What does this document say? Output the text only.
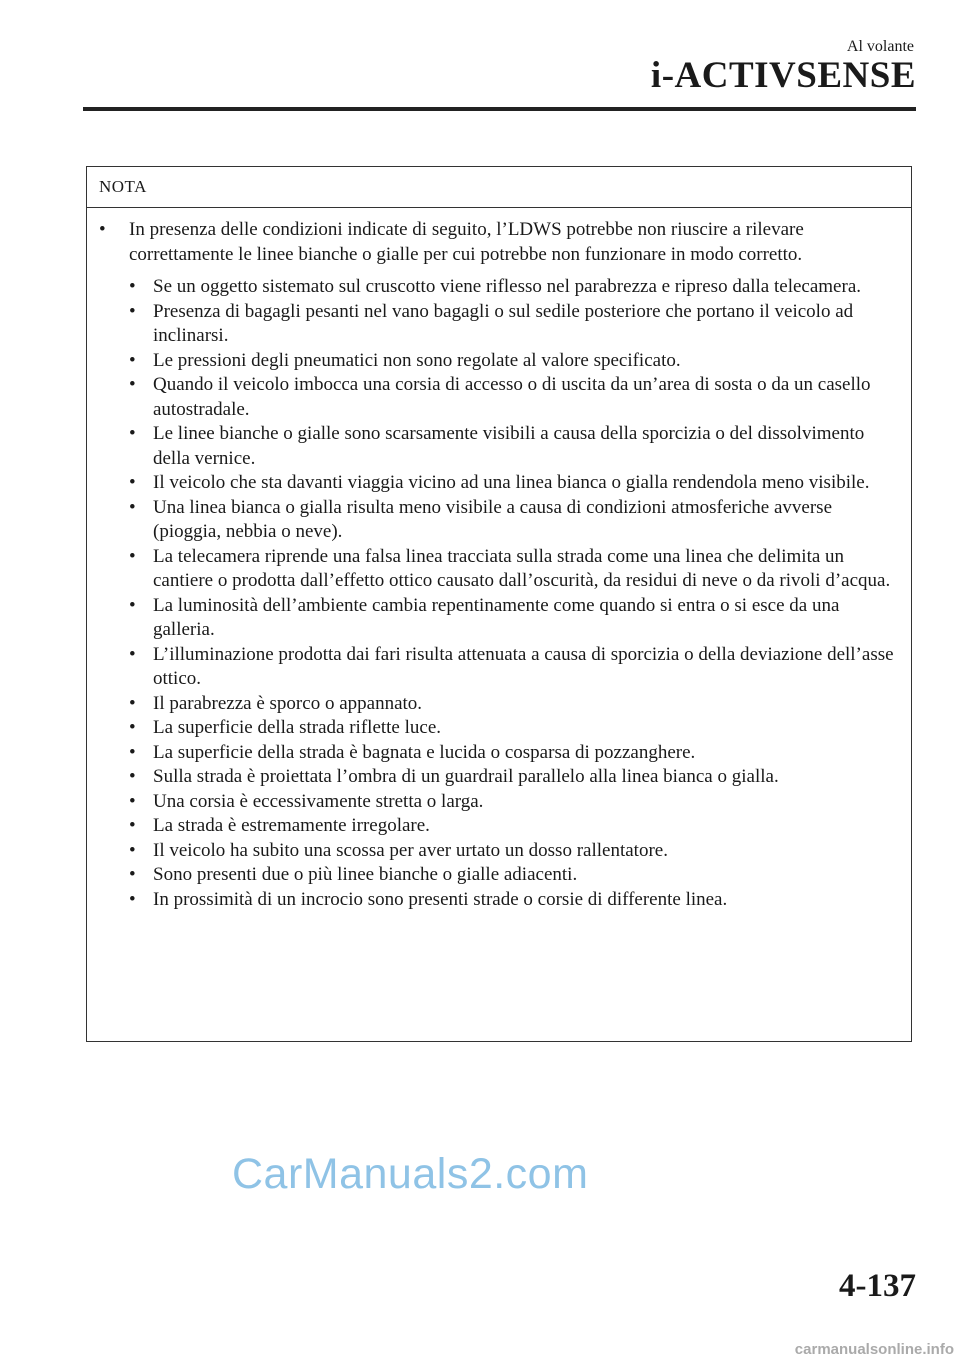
Al volante
i-ACTIVSENSE
NOTA
• In presenza delle condizioni indicate di seguito, l’LDWS potrebbe non riuscire a rilevare correttamente le linee bianche o gialle per cui potrebbe non funzionare in modo corretto.
• Se un oggetto sistemato sul cruscotto viene riflesso nel parabrezza e ripreso dalla telecamera.
• Presenza di bagagli pesanti nel vano bagagli o sul sedile posteriore che portano il veicolo ad inclinarsi.
• Le pressioni degli pneumatici non sono regolate al valore specificato.
• Quando il veicolo imbocca una corsia di accesso o di uscita da un’area di sosta o da un casello autostradale.
• Le linee bianche o gialle sono scarsamente visibili a causa della sporcizia o del dissolvimento della vernice.
• Il veicolo che sta davanti viaggia vicino ad una linea bianca o gialla rendendola meno visibile.
• Una linea bianca o gialla risulta meno visibile a causa di condizioni atmosferiche avverse (pioggia, nebbia o neve).
• La telecamera riprende una falsa linea tracciata sulla strada come una linea che delimita un cantiere o prodotta dall’effetto ottico causato dall’oscurità, da residui di neve o da rivoli d’acqua.
• La luminosità dell’ambiente cambia repentinamente come quando si entra o si esce da una galleria.
• L’illuminazione prodotta dai fari risulta attenuata a causa di sporcizia o della deviazione dell’asse ottico.
• Il parabrezza è sporco o appannato.
• La superficie della strada riflette luce.
• La superficie della strada è bagnata e lucida o cosparsa di pozzanghere.
• Sulla strada è proiettata l’ombra di un guardrail parallelo alla linea bianca o gialla.
• Una corsia è eccessivamente stretta o larga.
• La strada è estremamente irregolare.
• Il veicolo ha subito una scossa per aver urtato un dosso rallentatore.
• Sono presenti due o più linee bianche o gialle adiacenti.
• In prossimità di un incrocio sono presenti strade o corsie di differente linea.
CarManuals2.com
4-137
carmanualsonline.info
